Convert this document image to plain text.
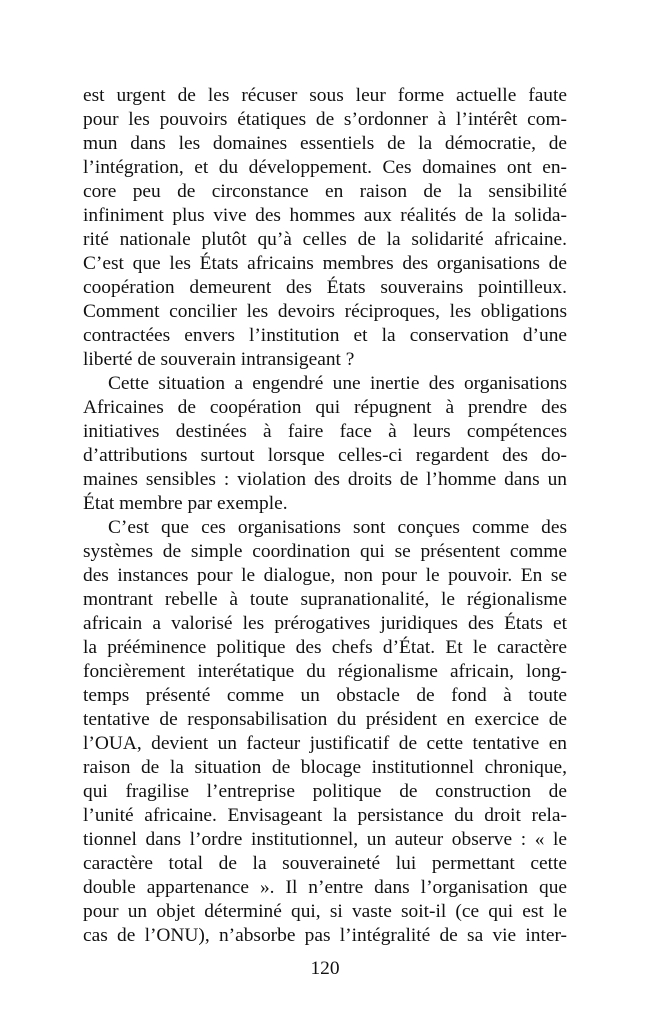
est urgent de les récuser sous leur forme actuelle faute
pour les pouvoirs étatiques de s’ordonner à l’intérêt com-
mun dans les domaines essentiels de la démocratie, de
l’intégration, et du développement. Ces domaines ont en-
core peu de circonstance en raison de la sensibilité
infiniment plus vive des hommes aux réalités de la solida-
rité nationale plutôt qu’à celles de la solidarité africaine.
C’est que les États africains membres des organisations de
coopération demeurent des États souverains pointilleux.
Comment concilier les devoirs réciproques, les obligations
contractées envers l’institution et la conservation d’une
liberté de souverain intransigeant ?
Cette situation a engendré une inertie des organisations
Africaines de coopération qui répugnent à prendre des
initiatives destinées à faire face à leurs compétences
d’attributions surtout lorsque celles-ci regardent des do-
maines sensibles : violation des droits de l’homme dans un
État membre par exemple.
C’est que ces organisations sont conçues comme des
systèmes de simple coordination qui se présentent comme
des instances pour le dialogue, non pour le pouvoir. En se
montrant rebelle à toute supranationalité, le régionalisme
africain a valorisé les prérogatives juridiques des États et
la prééminence politique des chefs d’État. Et le caractère
foncièrement interétatique du régionalisme africain, long-
temps présenté comme un obstacle de fond à toute
tentative de responsabilisation du président en exercice de
l’OUA, devient un facteur justificatif de cette tentative en
raison de la situation de blocage institutionnel chronique,
qui fragilise l’entreprise politique de construction de
l’unité africaine. Envisageant la persistance du droit rela-
tionnel dans l’ordre institutionnel, un auteur observe : « le
caractère total de la souveraineté lui permettant cette
double appartenance ». Il n’entre dans l’organisation que
pour un objet déterminé qui, si vaste soit-il (ce qui est le
cas de l’ONU), n’absorbe pas l’intégralité de sa vie inter-
120
